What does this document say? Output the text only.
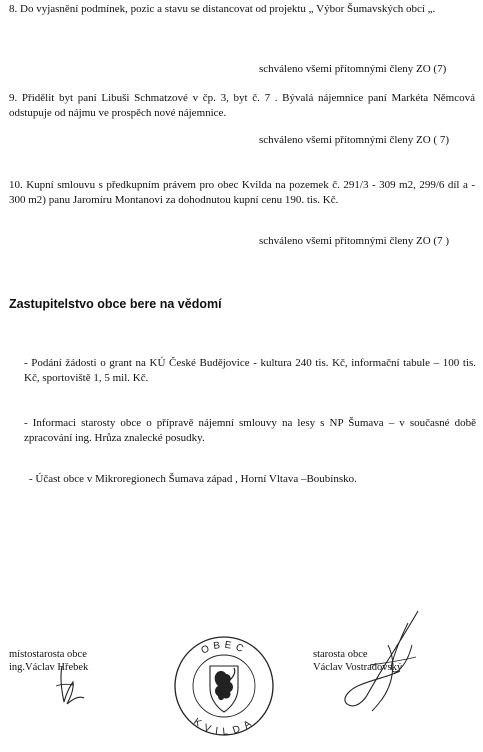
8. Do vyjasnění podmínek, pozic a stavu se distancovat od projektu „ Výbor Šumavských obcí „.
schváleno všemi přítomnými členy ZO (7)
9. Přidělit byt paní Libuši Schmatzové v čp. 3, byt č. 7 . Bývalá nájemnice paní Markéta Němcová odstupuje od nájmu ve prospěch nové nájemnice.
schváleno všemi přítomnými členy ZO ( 7)
10. Kupní smlouvu s předkupním právem pro obec Kvilda na pozemek č. 291/3 - 309 m2, 299/6 díl a - 300 m2) panu Jaromíru Montanovi za dohodnutou kupní cenu 190. tis. Kč.
schváleno všemi přítomnými členy ZO (7 )
Zastupitelstvo obce bere na vědomí
- Podání žádosti o grant na KÚ České Budějovice - kultura 240 tis. Kč, informační tabule – 100 tis. Kč, sportoviště 1, 5 mil. Kč.
- Informaci starosty obce o přípravě nájemní smlouvy na lesy s NP Šumava – v současné době zpracování ing. Hrůza znalecké posudky.
- Účast obce v Mikroregionech Šumava západ , Horní Vltava –Boubínsko.
místostarosta obce
ing.Václav Hřebek
starosta obce
Václav Vostradovský
OBEC
KVILDA
